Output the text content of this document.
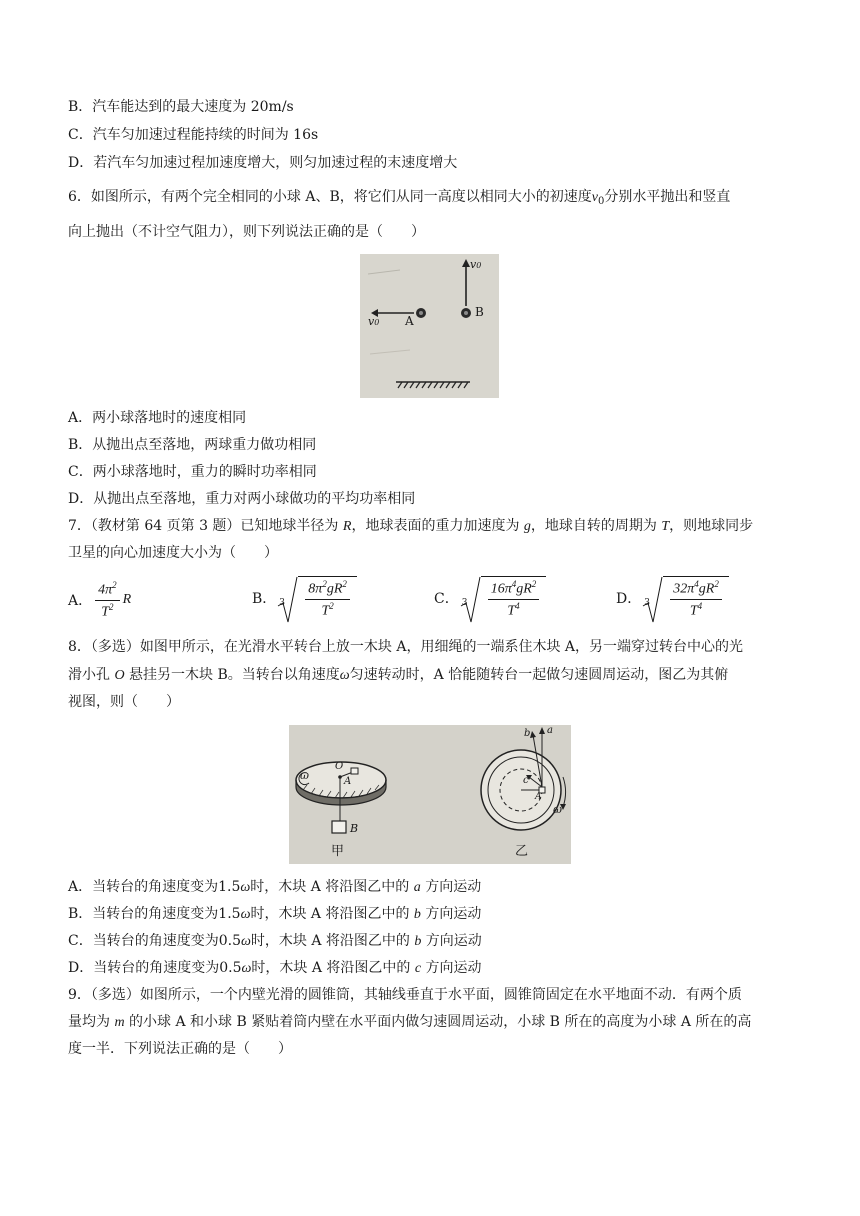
B．汽车能达到的最大速度为 20m/s
C．汽车匀加速过程能持续的时间为 16s
D．若汽车匀加速过程加速度增大，则匀加速过程的末速度增大
6．如图所示，有两个完全相同的小球 A、B，将它们从同一高度以相同大小的初速度$v_0$分别水平抛出和竖直
向上抛出（不计空气阻力），则下列说法正确的是（　　）
A
B
v0
v0
A．两小球落地时的速度相同
B．从抛出点至落地，两球重力做功相同
C．两小球落地时，重力的瞬时功率相同
D．从抛出点至落地，重力对两小球做功的平均功率相同
7．（教材第 64 页第 3 题）已知地球半径为 R，地球表面的重力加速度为 g，地球自转的周期为 T，则地球同步
卫星的向心加速度大小为（　　）
A． $\frac{4\pi^2}{T^2}$ R	B． $3 \frac{8\pi^2gR^2}{T^2}$	C． $3 \frac{16\pi^4gR^2}{T^4}$	D． $3 \frac{32\pi^4gR^2}{T^4}$
8．（多选）如图甲所示，在光滑水平转台上放一木块 A，用细绳的一端系住木块 A，另一端穿过转台中心的光
滑小孔 O 悬挂另一木块 B。当转台以角速度ω匀速转动时，A 恰能随转台一起做匀速圆周运动，图乙为其俯
视图，则（　　）
ω
O
A
B
甲	乙
a
b
c
A
ω
A．当转台的角速度变为1.5ω时，木块 A 将沿图乙中的 a 方向运动
B．当转台的角速度变为1.5ω时，木块 A 将沿图乙中的 b 方向运动
C．当转台的角速度变为0.5ω时，木块 A 将沿图乙中的 b 方向运动
D．当转台的角速度变为0.5ω时，木块 A 将沿图乙中的 c 方向运动
9．（多选）如图所示，一个内壁光滑的圆锥筒，其轴线垂直于水平面，圆锥筒固定在水平地面不动．有两个质
量均为 m 的小球 A 和小球 B 紧贴着筒内壁在水平面内做匀速圆周运动，小球 B 所在的高度为小球 A 所在的高
度一半．下列说法正确的是（　　）
